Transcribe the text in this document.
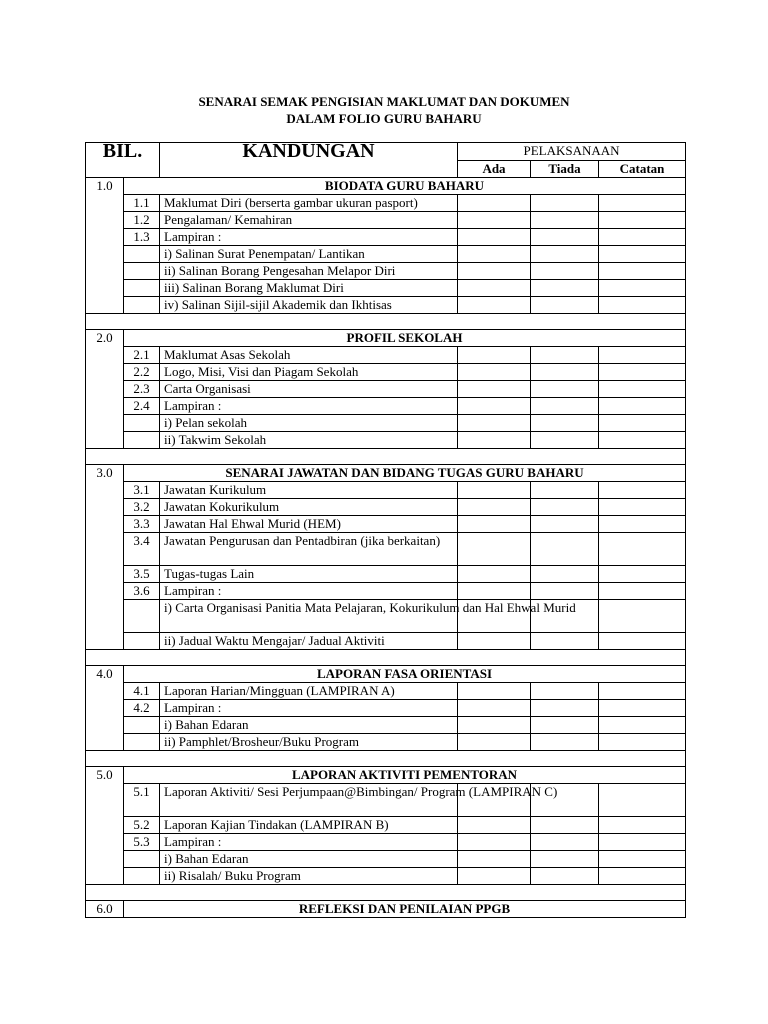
SENARAI SEMAK PENGISIAN MAKLUMAT DAN DOKUMEN
DALAM FOLIO GURU BAHARU
BIL.		KANDUNGAN	PELAKSANAAN		
			Ada	Tiada	Catatan
1.0	BIODATA GURU BAHARU				
	1.1	Maklumat Diri (berserta gambar ukuran pasport)			
	1.2	Pengalaman/ Kemahiran			
	1.3	Lampiran :			
		i) Salinan Surat Penempatan/ Lantikan			
		ii) Salinan Borang Pengesahan Melapor Diri			
		iii) Salinan Borang Maklumat Diri			
		iv) Salinan Sijil-sijil Akademik dan Ikhtisas			

2.0	PROFIL SEKOLAH				
	2.1	Maklumat Asas Sekolah			
	2.2	Logo, Misi, Visi dan Piagam Sekolah			
	2.3	Carta Organisasi			
	2.4	Lampiran :			
		i) Pelan sekolah			
		ii) Takwim Sekolah			

3.0	SENARAI JAWATAN DAN BIDANG TUGAS GURU BAHARU				
	3.1	Jawatan Kurikulum			
	3.2	Jawatan Kokurikulum			
	3.3	Jawatan Hal Ehwal Murid (HEM)			
	3.4	Jawatan Pengurusan dan Pentadbiran (jika berkaitan)			
	3.5	Tugas-tugas Lain			
	3.6	Lampiran :			
		i) Carta Organisasi Panitia Mata Pelajaran, Kokurikulum dan Hal Ehwal Murid			
		ii) Jadual Waktu Mengajar/ Jadual Aktiviti			

4.0	LAPORAN FASA ORIENTASI				
	4.1	Laporan Harian/Mingguan (LAMPIRAN A)			
	4.2	Lampiran :			
		i) Bahan Edaran			
		ii) Pamphlet/Brosheur/Buku Program			

5.0	LAPORAN AKTIVITI PEMENTORAN				
	5.1	Laporan Aktiviti/ Sesi Perjumpaan@Bimbingan/ Program (LAMPIRAN C)			
	5.2	Laporan Kajian Tindakan (LAMPIRAN B)			
	5.3	Lampiran :			
		i) Bahan Edaran			
		ii) Risalah/ Buku Program			

6.0	REFLEKSI DAN PENILAIAN PPGB				
